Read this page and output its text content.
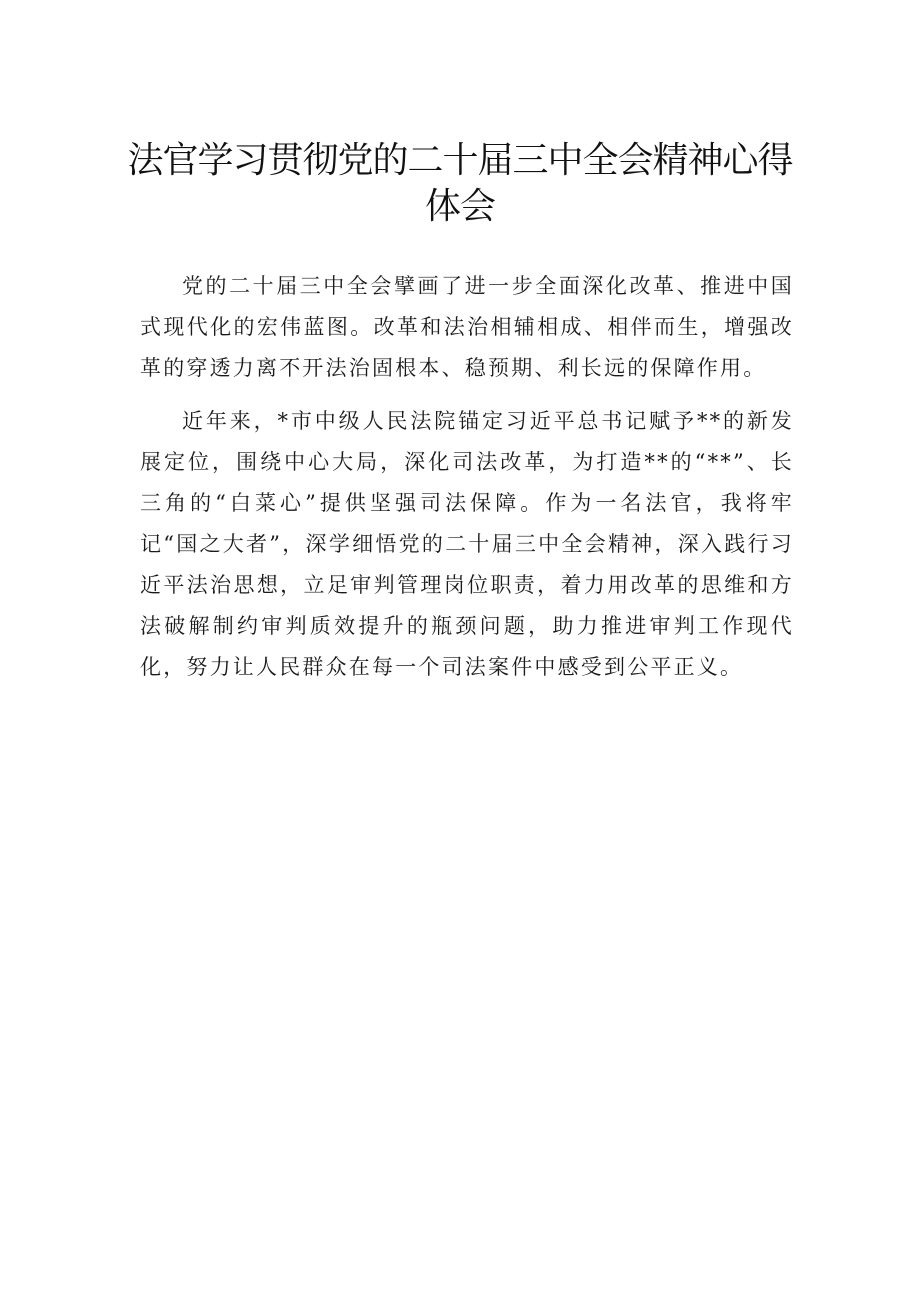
法官学习贯彻党的二十届三中全会精神心得体会

党的二十届三中全会擘画了进一步全面深化改革、推进中国式现代化的宏伟蓝图。改革和法治相辅相成、相伴而生，增强改革的穿透力离不开法治固根本、稳预期、利长远的保障作用。

近年来，*市中级人民法院锚定习近平总书记赋予**的新发展定位，围绕中心大局，深化司法改革，为打造**的“**”、长三角的“白菜心”提供坚强司法保障。作为一名法官，我将牢记“国之大者”，深学细悟党的二十届三中全会精神，深入践行习近平法治思想，立足审判管理岗位职责，着力用改革的思维和方法破解制约审判质效提升的瓶颈问题，助力推进审判工作现代化，努力让人民群众在每一个司法案件中感受到公平正义。
